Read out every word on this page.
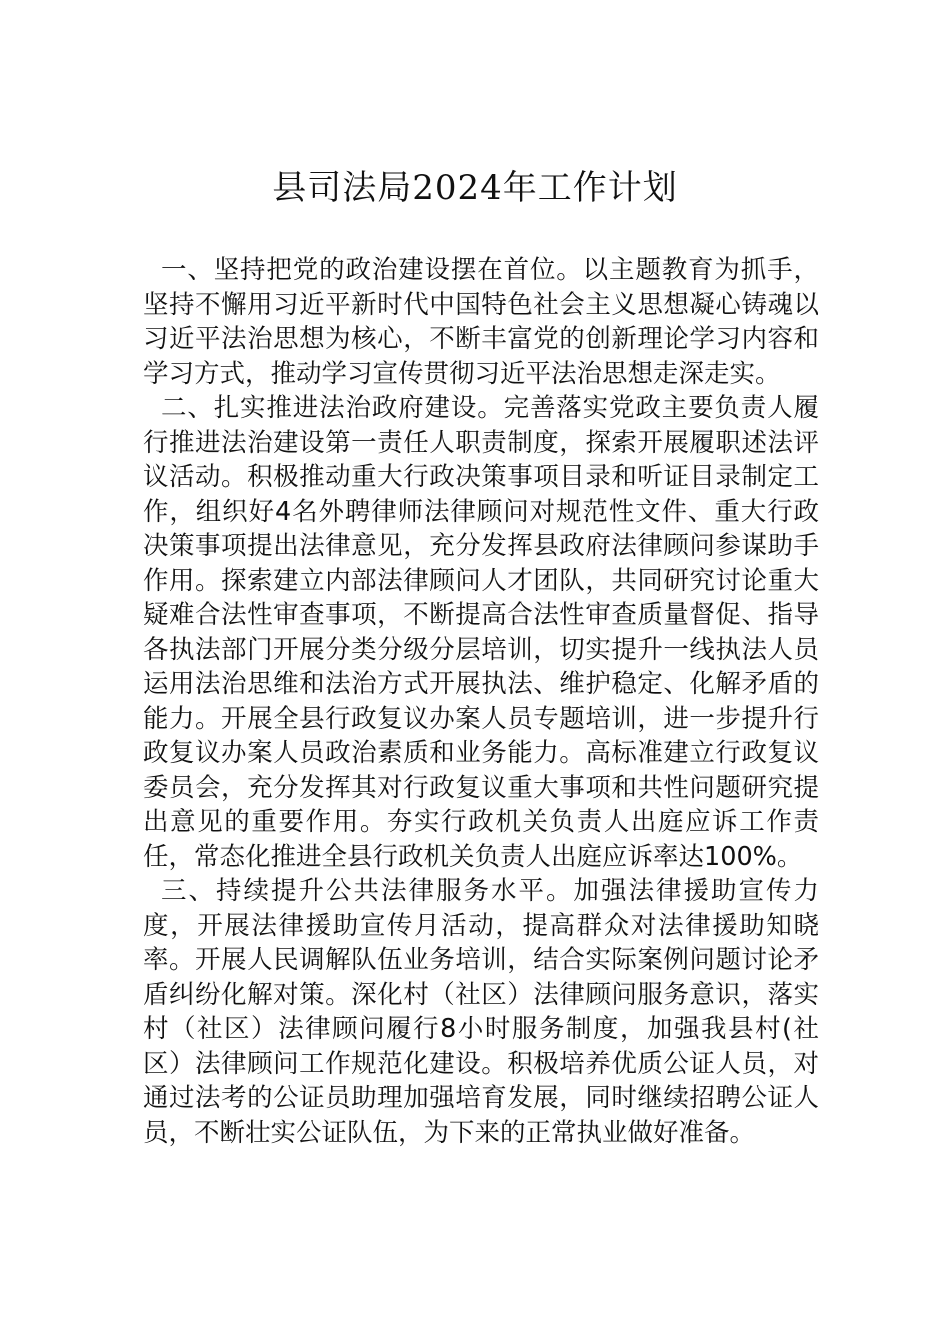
县司法局2024年工作计划

一、坚持把党的政治建设摆在首位。以主题教育为抓手，坚持不懈用习近平新时代中国特色社会主义思想凝心铸魂以习近平法治思想为核心，不断丰富党的创新理论学习内容和学习方式，推动学习宣传贯彻习近平法治思想走深走实。

二、扎实推进法治政府建设。完善落实党政主要负责人履行推进法治建设第一责任人职责制度，探索开展履职述法评议活动。积极推动重大行政决策事项目录和听证目录制定工作，组织好4名外聘律师法律顾问对规范性文件、重大行政决策事项提出法律意见，充分发挥县政府法律顾问参谋助手作用。探索建立内部法律顾问人才团队，共同研究讨论重大疑难合法性审查事项，不断提高合法性审查质量督促、指导各执法部门开展分类分级分层培训，切实提升一线执法人员运用法治思维和法治方式开展执法、维护稳定、化解矛盾的能力。开展全县行政复议办案人员专题培训，进一步提升行政复议办案人员政治素质和业务能力。高标准建立行政复议委员会，充分发挥其对行政复议重大事项和共性问题研究提出意见的重要作用。夯实行政机关负责人出庭应诉工作责任，常态化推进全县行政机关负责人出庭应诉率达100%。

三、持续提升公共法律服务水平。加强法律援助宣传力度，开展法律援助宣传月活动，提高群众对法律援助知晓率。开展人民调解队伍业务培训，结合实际案例问题讨论矛盾纠纷化解对策。深化村（社区）法律顾问服务意识，落实村（社区）法律顾问履行8小时服务制度，加强我县村(社区）法律顾问工作规范化建设。积极培养优质公证人员，对通过法考的公证员助理加强培育发展，同时继续招聘公证人员，不断壮实公证队伍，为下来的正常执业做好准备。
